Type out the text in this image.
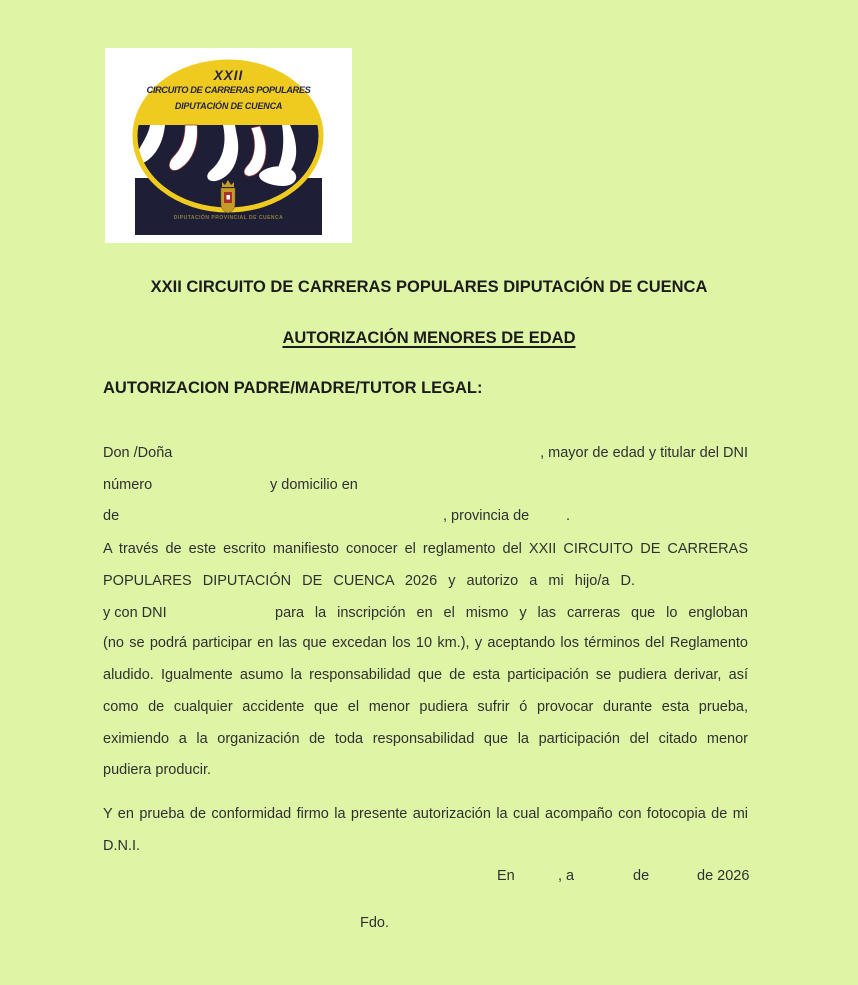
XXII
CIRCUITO DE CARRERAS POPULARES
DIPUTACIÓN DE CUENCA
DIPUTACIÓN PROVINCIAL DE CUENCA
XXII CIRCUITO DE CARRERAS POPULARES DIPUTACIÓN DE CUENCA
AUTORIZACIÓN MENORES DE EDAD
AUTORIZACION PADRE/MADRE/TUTOR LEGAL:
Don /Doña	, mayor de edad y titular del DNI
número	y domicilio en
de	, provincia de	.
A través de este escrito manifiesto conocer el reglamento del XXII CIRCUITO DE CARRERAS
POPULARES DIPUTACIÓN DE CUENCA 2026 y autorizo a mi hijo/a D.
y con DNI	para la inscripción en el mismo y las carreras que lo engloban
(no se podrá participar en las que excedan los 10 km.), y aceptando los términos del Reglamento
aludido. Igualmente asumo la responsabilidad que de esta participación se pudiera derivar, así
como de cualquier accidente que el menor pudiera sufrir ó provocar durante esta prueba,
eximiendo a la organización de toda responsabilidad que la participación del citado menor
pudiera producir.
Y en prueba de conformidad firmo la presente autorización la cual acompaño con fotocopia de mi
D.N.I.
En	, a	de	de 2026
Fdo.
